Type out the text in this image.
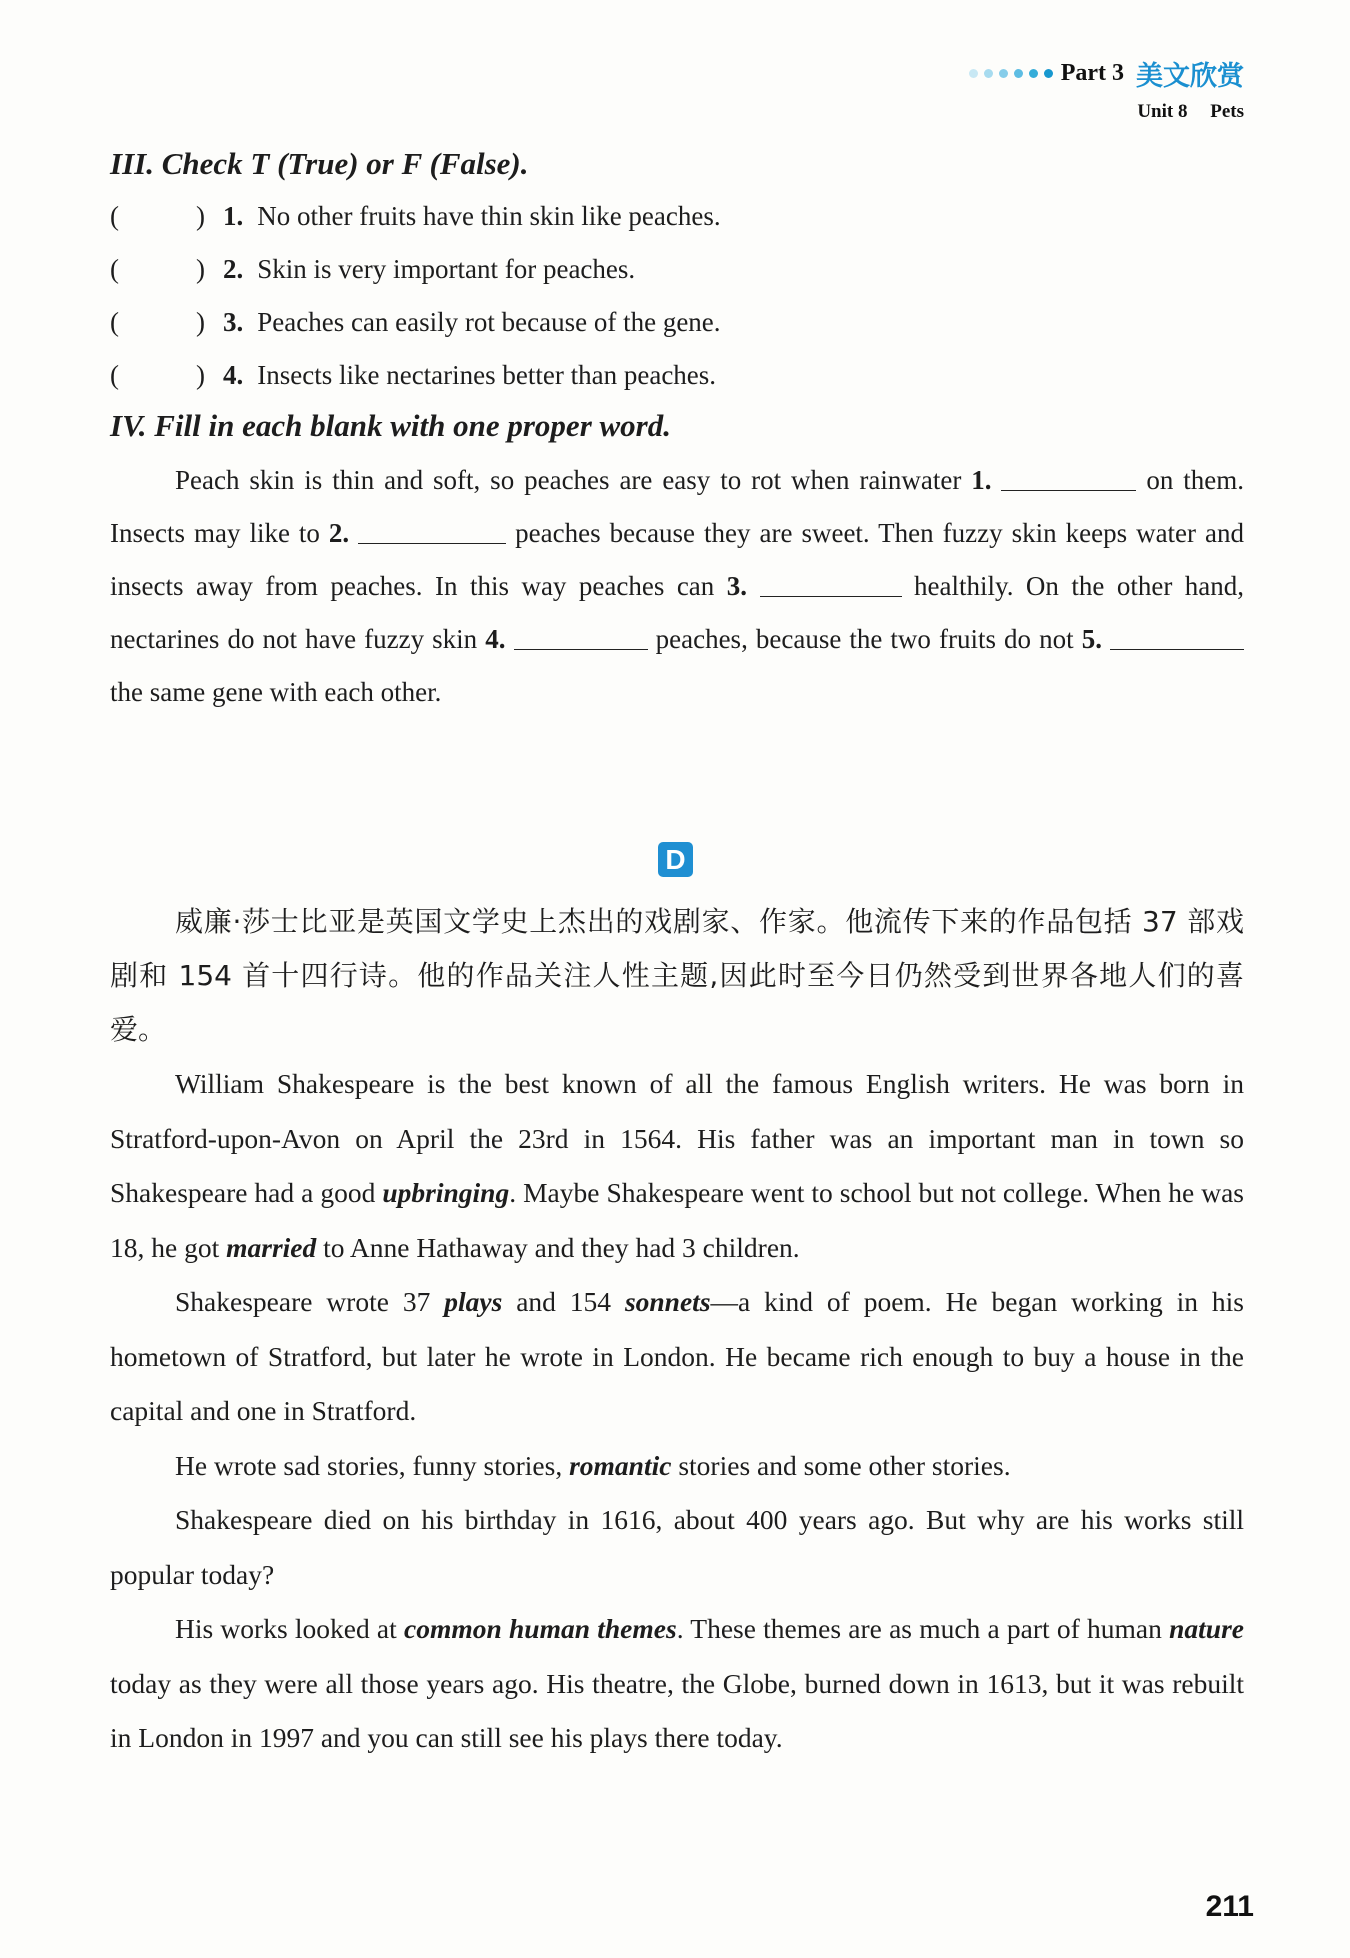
Part 3 美文欣赏
Unit 8 Pets

III. Check T (True) or F (False).

(	) 1. No other fruits have thin skin like peaches.
(	) 2. Skin is very important for peaches.
(	) 3. Peaches can easily rot because of the gene.
(	) 4. Insects like nectarines better than peaches.

IV. Fill in each blank with one proper word.

Peach skin is thin and soft, so peaches are easy to rot when rainwater 1.	on them. Insects may like to 2.	peaches because they are sweet. Then fuzzy skin keeps water and insects away from peaches. In this way peaches can 3.	healthily. On the other hand, nectarines do not have fuzzy skin 4.	peaches, because the two fruits do not 5.  the same gene with each other.

D

威廉·莎士比亚是英国文学史上杰出的戏剧家、作家。他流传下来的作品包括 37 部戏剧和 154 首十四行诗。他的作品关注人性主题,因此时至今日仍然受到世界各地人们的喜爱。

William Shakespeare is the best known of all the famous English writers. He was born in Stratford-upon-Avon on April the 23rd in 1564. His father was an important man in town so Shakespeare had a good upbringing. Maybe Shakespeare went to school but not college. When he was 18, he got married to Anne Hathaway and they had 3 children.

Shakespeare wrote 37 plays and 154 sonnets—a kind of poem. He began working in his hometown of Stratford, but later he wrote in London. He became rich enough to buy a house in the capital and one in Stratford.

He wrote sad stories, funny stories, romantic stories and some other stories.

Shakespeare died on his birthday in 1616, about 400 years ago. But why are his works still popular today?

His works looked at common human themes. These themes are as much a part of human nature today as they were all those years ago. His theatre, the Globe, burned down in 1613, but it was rebuilt in London in 1997 and you can still see his plays there today.

211
